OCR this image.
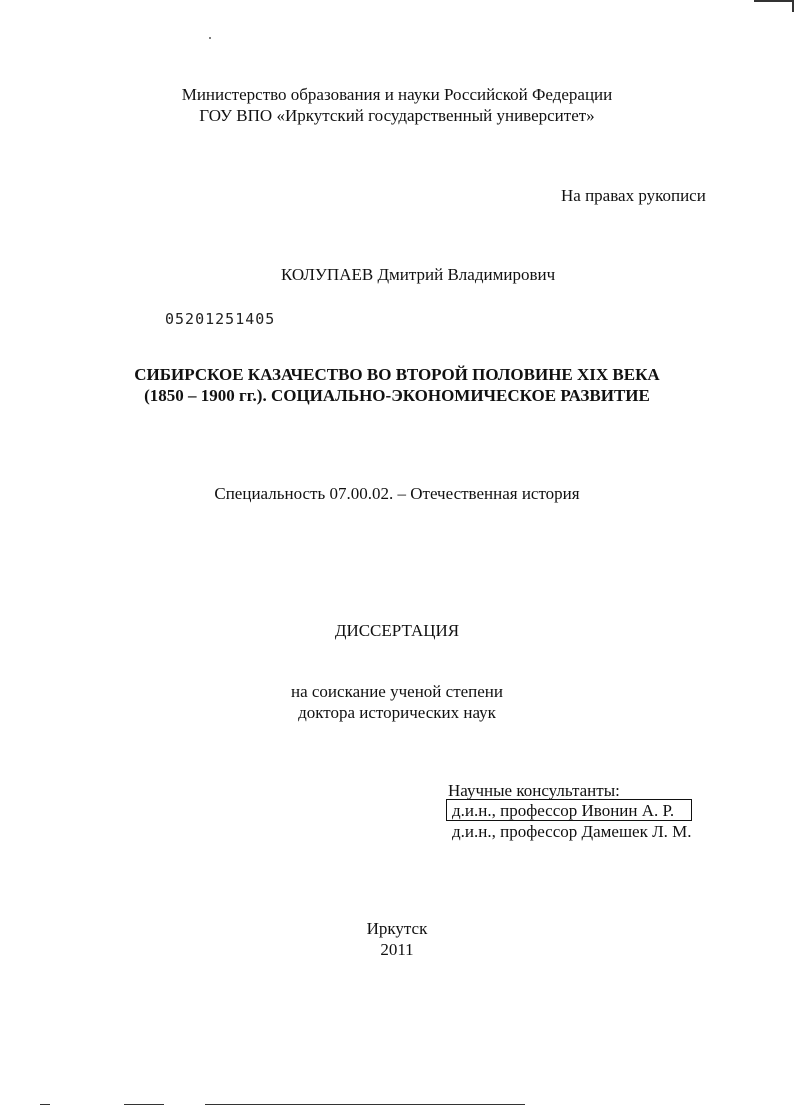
Министерство образования и науки Российской Федерации
ГОУ ВПО «Иркутский государственный университет»
На правах рукописи
КОЛУПАЕВ Дмитрий Владимирович
05201251405
СИБИРСКОЕ КАЗАЧЕСТВО ВО ВТОРОЙ ПОЛОВИНЕ XIX ВЕКА
(1850 – 1900 гг.). СОЦИАЛЬНО-ЭКОНОМИЧЕСКОЕ РАЗВИТИЕ
Специальность 07.00.02. – Отечественная история
ДИССЕРТАЦИЯ
на соискание ученой степени
доктора исторических наук
Научные консультанты:
д.и.н., профессор Ивонин А. Р.
д.и.н., профессор Дамешек Л. М.
Иркутск
2011
